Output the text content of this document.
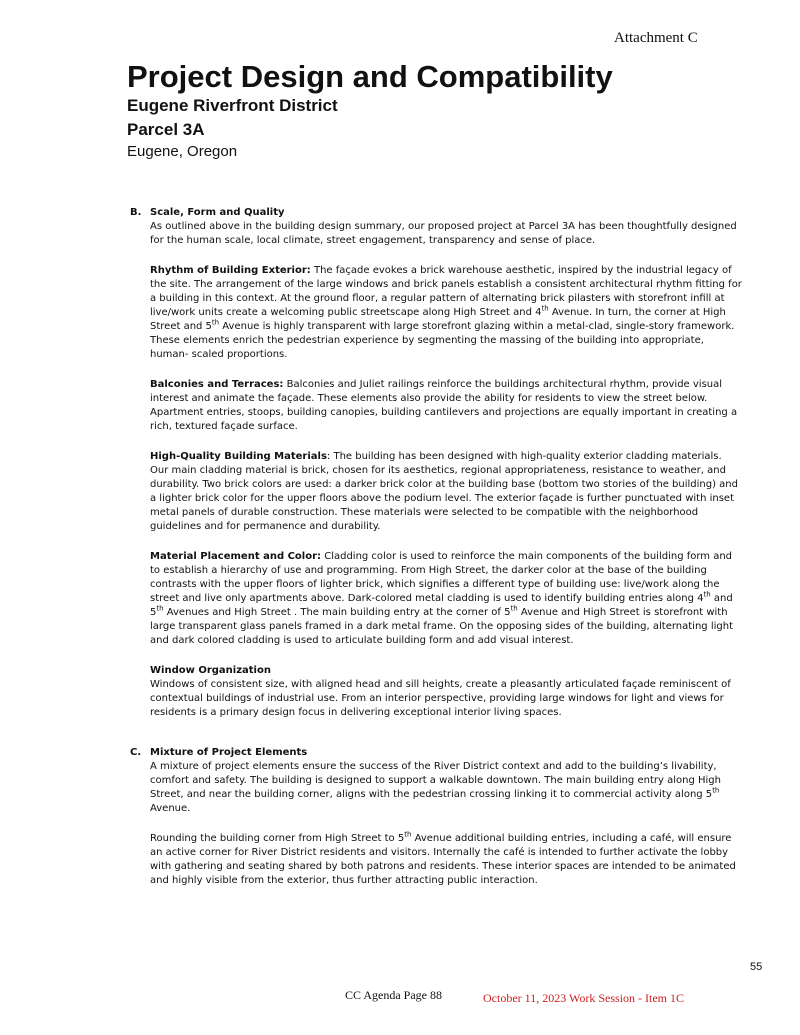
Attachment C
Project Design and Compatibility
Eugene Riverfront District
Parcel 3A
Eugene, Oregon
B. Scale, Form and Quality

As outlined above in the building design summary, our proposed project at Parcel 3A has been thoughtfully designed for the human scale, local climate, street engagement, transparency and sense of place.

Rhythm of Building Exterior: The façade evokes a brick warehouse aesthetic, inspired by the industrial legacy of the site. The arrangement of the large windows and brick panels establish a consistent architectural rhythm fitting for a building in this context. At the ground floor, a regular pattern of alternating brick pilasters with storefront infill at live/work units create a welcoming public streetscape along High Street and 4th Avenue. In turn, the corner at High Street and 5th Avenue is highly transparent with large storefront glazing within a metal-clad, single-story framework. These elements enrich the pedestrian experience by segmenting the massing of the building into appropriate, human- scaled proportions.

Balconies and Terraces: Balconies and Juliet railings reinforce the buildings architectural rhythm, provide visual interest and animate the façade. These elements also provide the ability for residents to view the street below. Apartment entries, stoops, building canopies, building cantilevers and projections are equally important in creating a rich, textured façade surface.

High-Quality Building Materials: The building has been designed with high-quality exterior cladding materials. Our main cladding material is brick, chosen for its aesthetics, regional appropriateness, resistance to weather, and durability. Two brick colors are used: a darker brick color at the building base (bottom two stories of the building) and a lighter brick color for the upper floors above the podium level. The exterior façade is further punctuated with inset metal panels of durable construction. These materials were selected to be compatible with the neighborhood guidelines and for permanence and durability.

Material Placement and Color: Cladding color is used to reinforce the main components of the building form and to establish a hierarchy of use and programming. From High Street, the darker color at the base of the building contrasts with the upper floors of lighter brick, which signifies a different type of building use: live/work along the street and live only apartments above. Dark-colored metal cladding is used to identify building entries along 4th and 5th Avenues and High Street . The main building entry at the corner of 5th Avenue and High Street is storefront with large transparent glass panels framed in a dark metal frame. On the opposing sides of the building, alternating light and dark colored cladding is used to articulate building form and add visual interest.

Window Organization

Windows of consistent size, with aligned head and sill heights, create a pleasantly articulated façade reminiscent of contextual buildings of industrial use. From an interior perspective, providing large windows for light and views for residents is a primary design focus in delivering exceptional interior living spaces.

C. Mixture of Project Elements

A mixture of project elements ensure the success of the River District context and add to the building’s livability, comfort and safety. The building is designed to support a walkable downtown. The main building entry along High Street, and near the building corner, aligns with the pedestrian crossing linking it to commercial activity along 5th Avenue.

Rounding the building corner from High Street to 5th Avenue additional building entries, including a café, will ensure an active corner for River District residents and visitors. Internally the café is intended to further activate the lobby with gathering and seating shared by both patrons and residents. These interior spaces are intended to be animated and highly visible from the exterior, thus further attracting public interaction.

55
CC Agenda Page 88	October 11, 2023 Work Session - Item 1C
